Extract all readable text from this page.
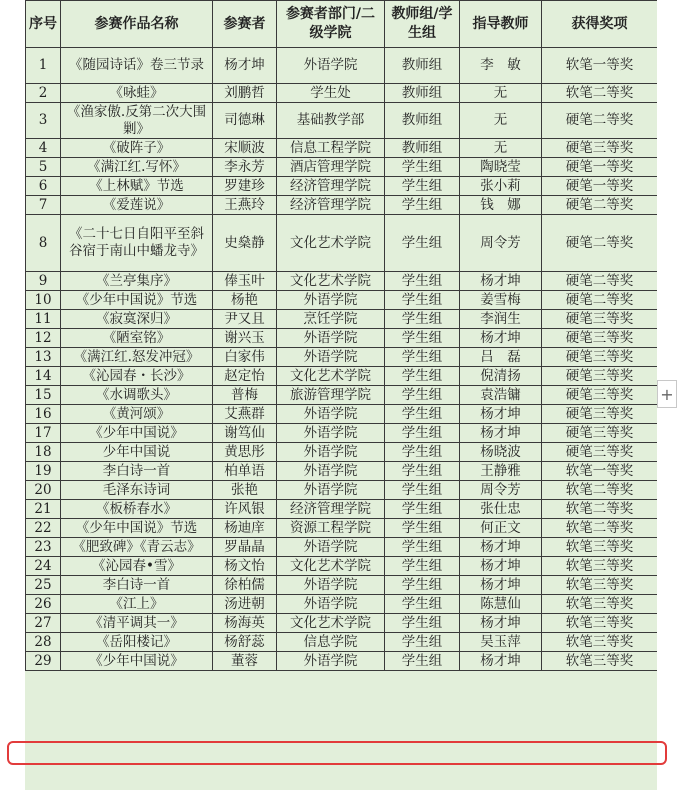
序号	参赛作品名称	参赛者	参赛者部门/二级学院	教师组/学生组	指导教师	获得奖项
1	《随园诗话》卷三节录	杨才坤	外语学院	教师组	李　敏	软笔一等奖
2	《咏蛙》	刘鹏哲	学生处	教师组	无	软笔二等奖
3	《渔家傲.反第二次大围剿》	司德琳	基础教学部	教师组	无	硬笔二等奖
4	《破阵子》	宋顺波	信息工程学院	教师组	无	硬笔三等奖
5	《满江红.写怀》	李永芳	酒店管理学院	学生组	陶晓莹	硬笔一等奖
6	《上林赋》节选	罗建珍	经济管理学院	学生组	张小莉	硬笔一等奖
7	《爱莲说》	王燕玲	经济管理学院	学生组	钱　娜	硬笔二等奖
8	《二十七日自阳平至斜谷宿于南山中蟠龙寺》	史燊静	文化艺术学院	学生组	周令芳	硬笔二等奖
9	《兰亭集序》	俸玉叶	文化艺术学院	学生组	杨才坤	硬笔二等奖
10	《少年中国说》节选	杨艳	外语学院	学生组	姜雪梅	硬笔二等奖
11	《寂寞深归》	尹又且	烹饪学院	学生组	李润生	硬笔三等奖
12	《陋室铭》	谢兴玉	外语学院	学生组	杨才坤	硬笔三等奖
13	《满江红.怒发冲冠》	白家伟	外语学院	学生组	吕　磊	硬笔三等奖
14	《沁园春・长沙》	赵定怡	文化艺术学院	学生组	倪清扬	硬笔三等奖
15	《水调歌头》	普梅	旅游管理学院	学生组	袁浩镛	硬笔三等奖
16	《黄河颂》	艾燕群	外语学院	学生组	杨才坤	硬笔三等奖
17	《少年中国说》	谢笃仙	外语学院	学生组	杨才坤	硬笔三等奖
18	少年中国说	黄思彤	外语学院	学生组	杨晓波	硬笔三等奖
19	李白诗一首	柏单语	外语学院	学生组	王静雅	软笔一等奖
20	毛泽东诗词	张艳	外语学院	学生组	周令芳	软笔二等奖
21	《板桥春水》	许风银	经济管理学院	学生组	张仕忠	软笔二等奖
22	《少年中国说》节选	杨迪庠	资源工程学院	学生组	何正文	软笔二等奖
23	《肥致碑》《青云志》	罗晶晶	外语学院	学生组	杨才坤	软笔三等奖
24	《沁园春•雪》	杨文怡	文化艺术学院	学生组	杨才坤	软笔三等奖
25	李白诗一首	徐柏儒	外语学院	学生组	杨才坤	软笔三等奖
26	《江上》	汤进朝	外语学院	学生组	陈慧仙	软笔三等奖
27	《清平调其一》	杨海英	文化艺术学院	学生组	杨才坤	软笔三等奖
28	《岳阳楼记》	杨舒蕊	信息学院	学生组	吴玉萍	软笔三等奖
29	《少年中国说》	董蓉	外语学院	学生组	杨才坤	软笔三等奖
+
